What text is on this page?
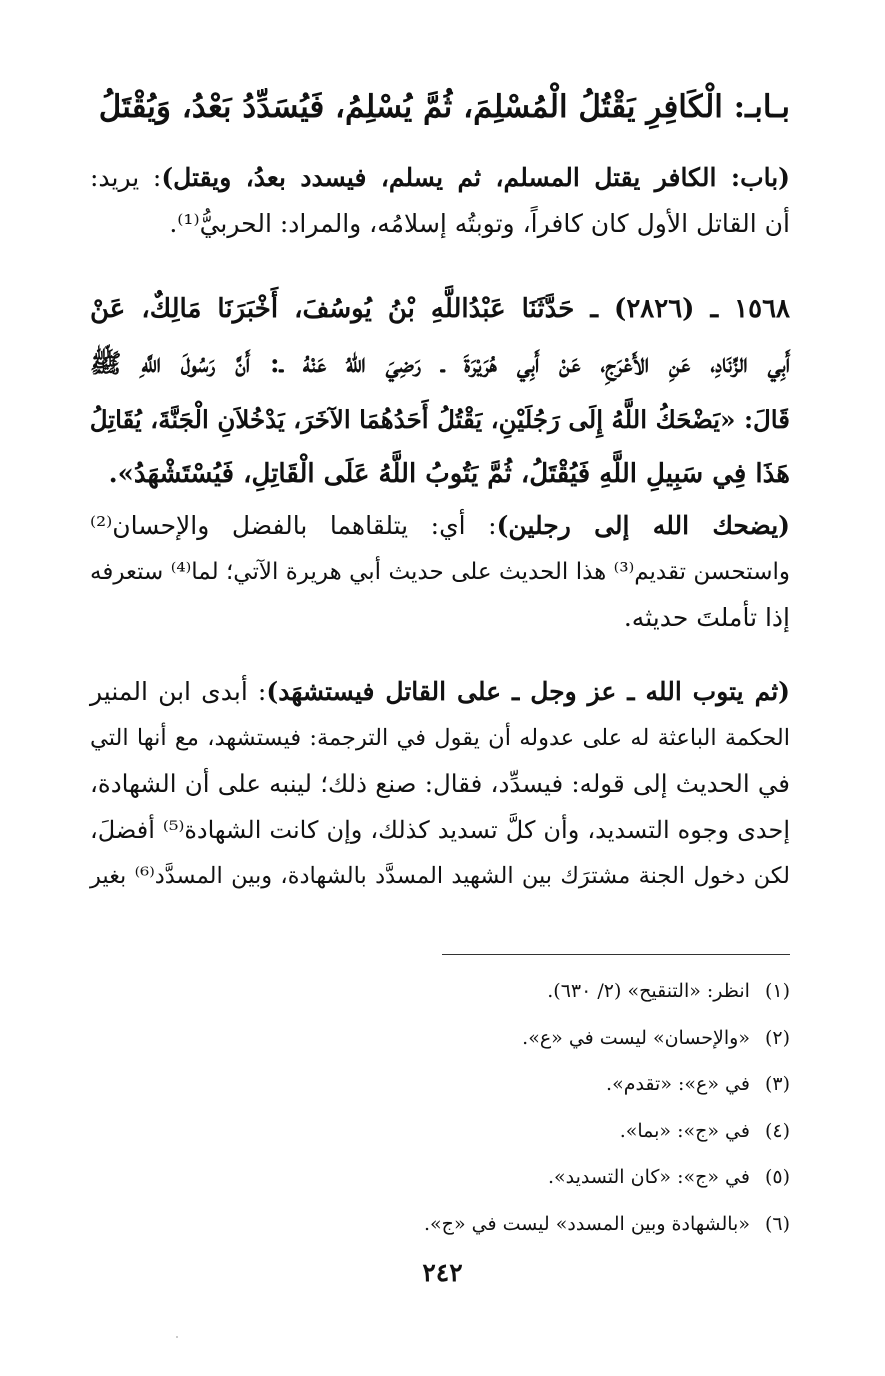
بـابـ: الْكَافِرِ يَقْتُلُ الْمُسْلِمَ، ثُمَّ يُسْلِمُ، فَيُسَدِّدُ بَعْدُ، وَيُقْتَلُ
(باب: الكافر يقتل المسلم، ثم يسلم، فيسدد بعدُ، ويقتل): يريد:
أن القاتل الأول كان كافراً، وتوبتُه إسلامُه، والمراد: الحربيُّ⁽¹⁾.
١٥٦٨ ـ (٢٨٢٦) ـ حَدَّثَنَا عَبْدُاللَّهِ بْنُ يُوسُفَ، أَخْبَرَنَا مَالِكٌ، عَنْ
أَبِي الزِّنَادِ، عَنِ الأَعْرَجِ، عَنْ أَبِي هُرَيْرَةَ ـ رَضِيَ اللهُ عَنْهُ ـ: أَنَّ رَسُولَ اللَّهِ ﷺ
قَالَ: «يَضْحَكُ اللَّهُ إِلَى رَجُلَيْنِ، يَقْتُلُ أَحَدُهُمَا الآخَرَ، يَدْخُلاَنِ الْجَنَّةَ، يُقَاتِلُ
هَذَا فِي سَبِيلِ اللَّهِ فَيُقْتَلُ، ثُمَّ يَتُوبُ اللَّهُ عَلَى الْقَاتِلِ، فَيُسْتَشْهَدُ».
(يضحك الله إلى رجلين): أي: يتلقاهما بالفضل والإحسان⁽²⁾
واستحسن تقديم⁽³⁾ هذا الحديث على حديث أبي هريرة الآتي؛ لما⁽⁴⁾ ستعرفه
إذا تأملتَ حديثه.
(ثم يتوب الله ـ عز وجل ـ على القاتل فيستشهَد): أبدى ابن المنير
الحكمة الباعثة له على عدوله أن يقول في الترجمة: فيستشهد، مع أنها التي
في الحديث إلى قوله: فيسدِّد، فقال: صنع ذلك؛ لينبه على أن الشهادة،
إحدى وجوه التسديد، وأن كلَّ تسديد كذلك، وإن كانت الشهادة⁽⁵⁾ أفضلَ،
لكن دخول الجنة مشترَك بين الشهيد المسدَّد بالشهادة، وبين المسدَّد⁽⁶⁾ بغير
(١) انظر: «التنقيح» (٢/ ٦٣٠).
(٢) «والإحسان» ليست في «ع».
(٣) في «ع»: «تقدم».
(٤) في «ج»: «بما».
(٥) في «ج»: «كان التسديد».
(٦) «بالشهادة وبين المسدد» ليست في «ج».
٢٤٢
